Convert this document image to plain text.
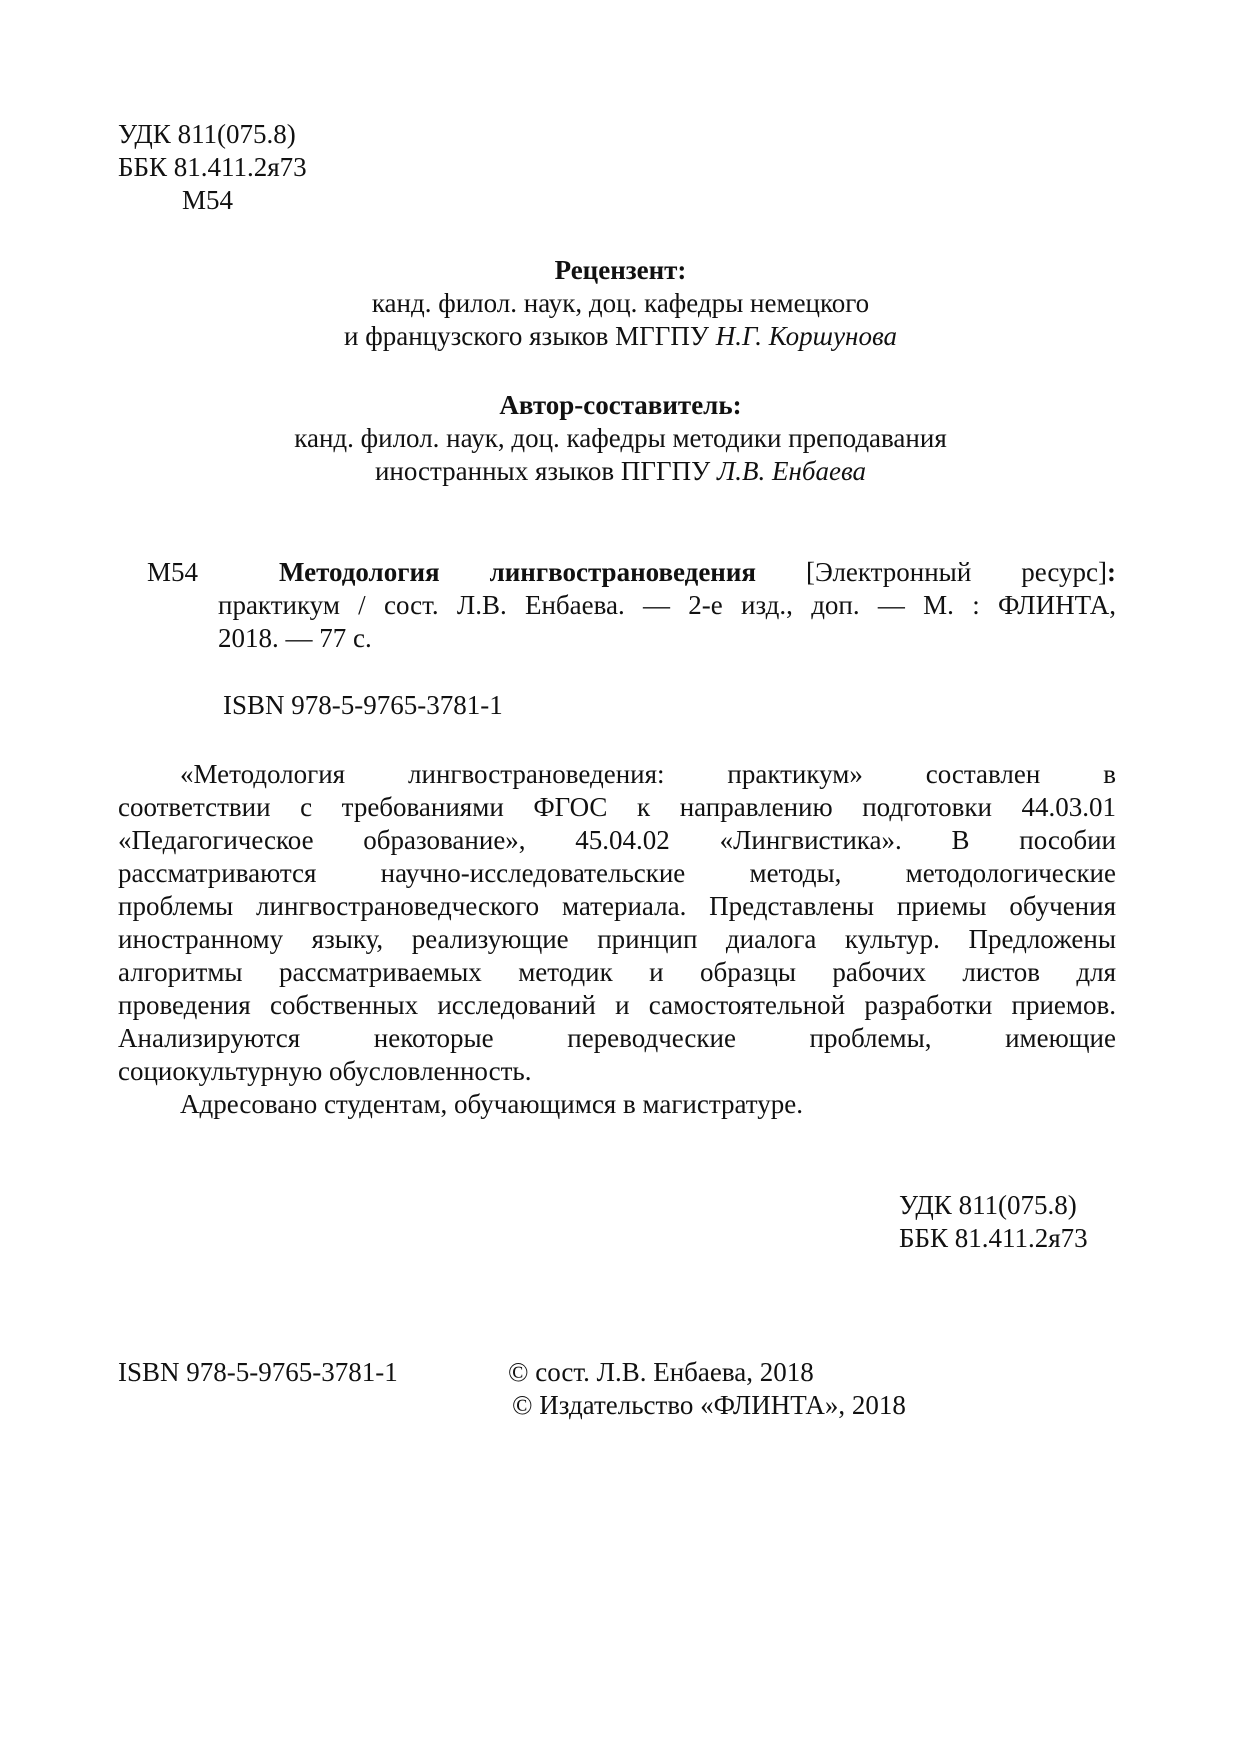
УДК 811(075.8)
ББК 81.411.2я73
М54
Рецензент:
канд. филол. наук, доц. кафедры немецкого
и французского языков МГГПУ Н.Г. Коршунова
Автор-составитель:
канд. филол. наук, доц. кафедры методики преподавания
иностранных языков ПГГПУ Л.В. Енбаева
М54	Методология лингвострановедения [Электронный ресурс]:
практикум / сост. Л.В. Енбаева. — 2-е изд., доп. — М. : ФЛИНТА,
2018. — 77 с.
ISBN 978-5-9765-3781-1
«Методология лингвострановедения: практикум» составлен в
соответствии с требованиями ФГОС к направлению подготовки 44.03.01
«Педагогическое образование», 45.04.02 «Лингвистика». В пособии
рассматриваются научно-исследовательские методы, методологические
проблемы лингвострановедческого материала. Представлены приемы обучения
иностранному языку, реализующие принцип диалога культур. Предложены
алгоритмы рассматриваемых методик и образцы рабочих листов для
проведения собственных исследований и самостоятельной разработки приемов.
Анализируются некоторые переводческие проблемы, имеющие
социокультурную обусловленность.
Адресовано студентам, обучающимся в магистратуре.
УДК 811(075.8)
ББК 81.411.2я73
ISBN 978-5-9765-3781-1	© сост. Л.В. Енбаева, 2018
© Издательство «ФЛИНТА», 2018
